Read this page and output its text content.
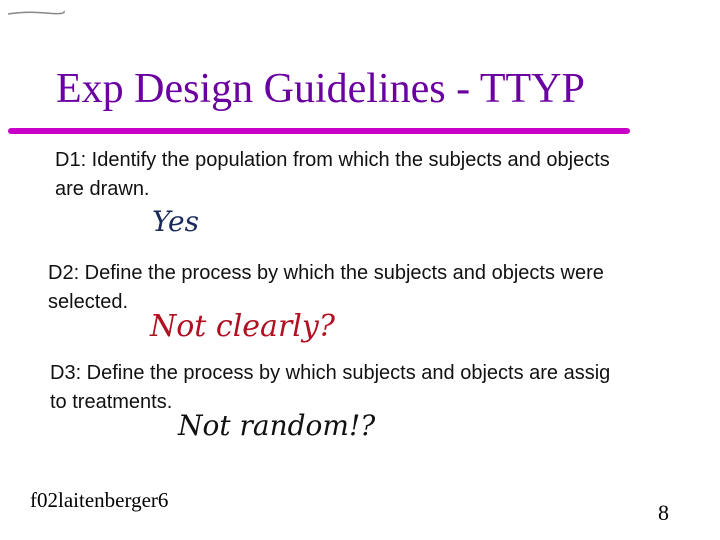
Exp Design Guidelines - TTYP
D1: Identify the population from which the subjects and objects
are drawn.
Yes
D2: Define the process by which the subjects and objects were
selected.
Not clearly?
D3: Define the process by which subjects and objects are assig
to treatments.
Not random!?
f02laitenberger6	8
